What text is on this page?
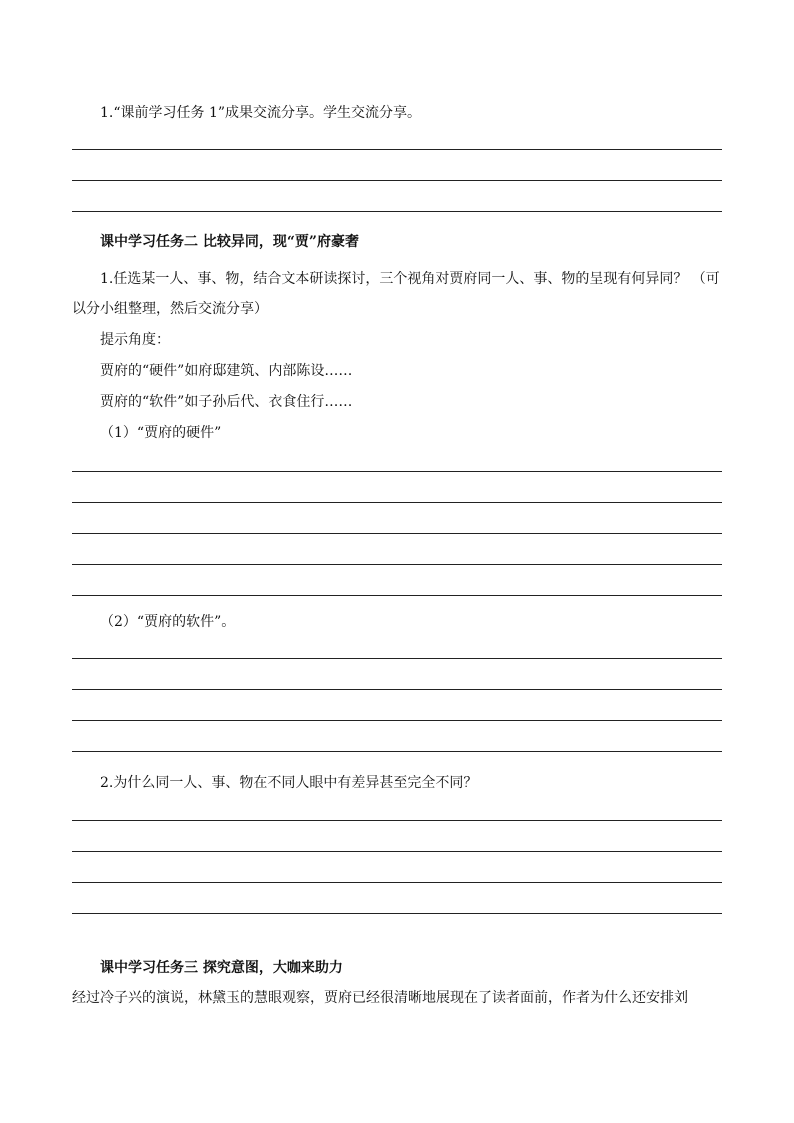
1.“课前学习任务 1”成果交流分享。学生交流分享。
课中学习任务二 比较异同，现“贾”府豪奢
1.任选某一人、事、物，结合文本研读探讨，三个视角对贾府同一人、事、物的呈现有何异同？ （可
以分小组整理，然后交流分享）
提示角度：
贾府的“硬件”如府邸建筑、内部陈设……
贾府的“软件”如子孙后代、衣食住行……
（1）“贾府的硬件”
（2）“贾府的软件”。
2.为什么同一人、事、物在不同人眼中有差异甚至完全不同？
课中学习任务三 探究意图，大咖来助力
经过冷子兴的演说，林黛玉的慧眼观察，贾府已经很清晰地展现在了读者面前，作者为什么还安排刘
